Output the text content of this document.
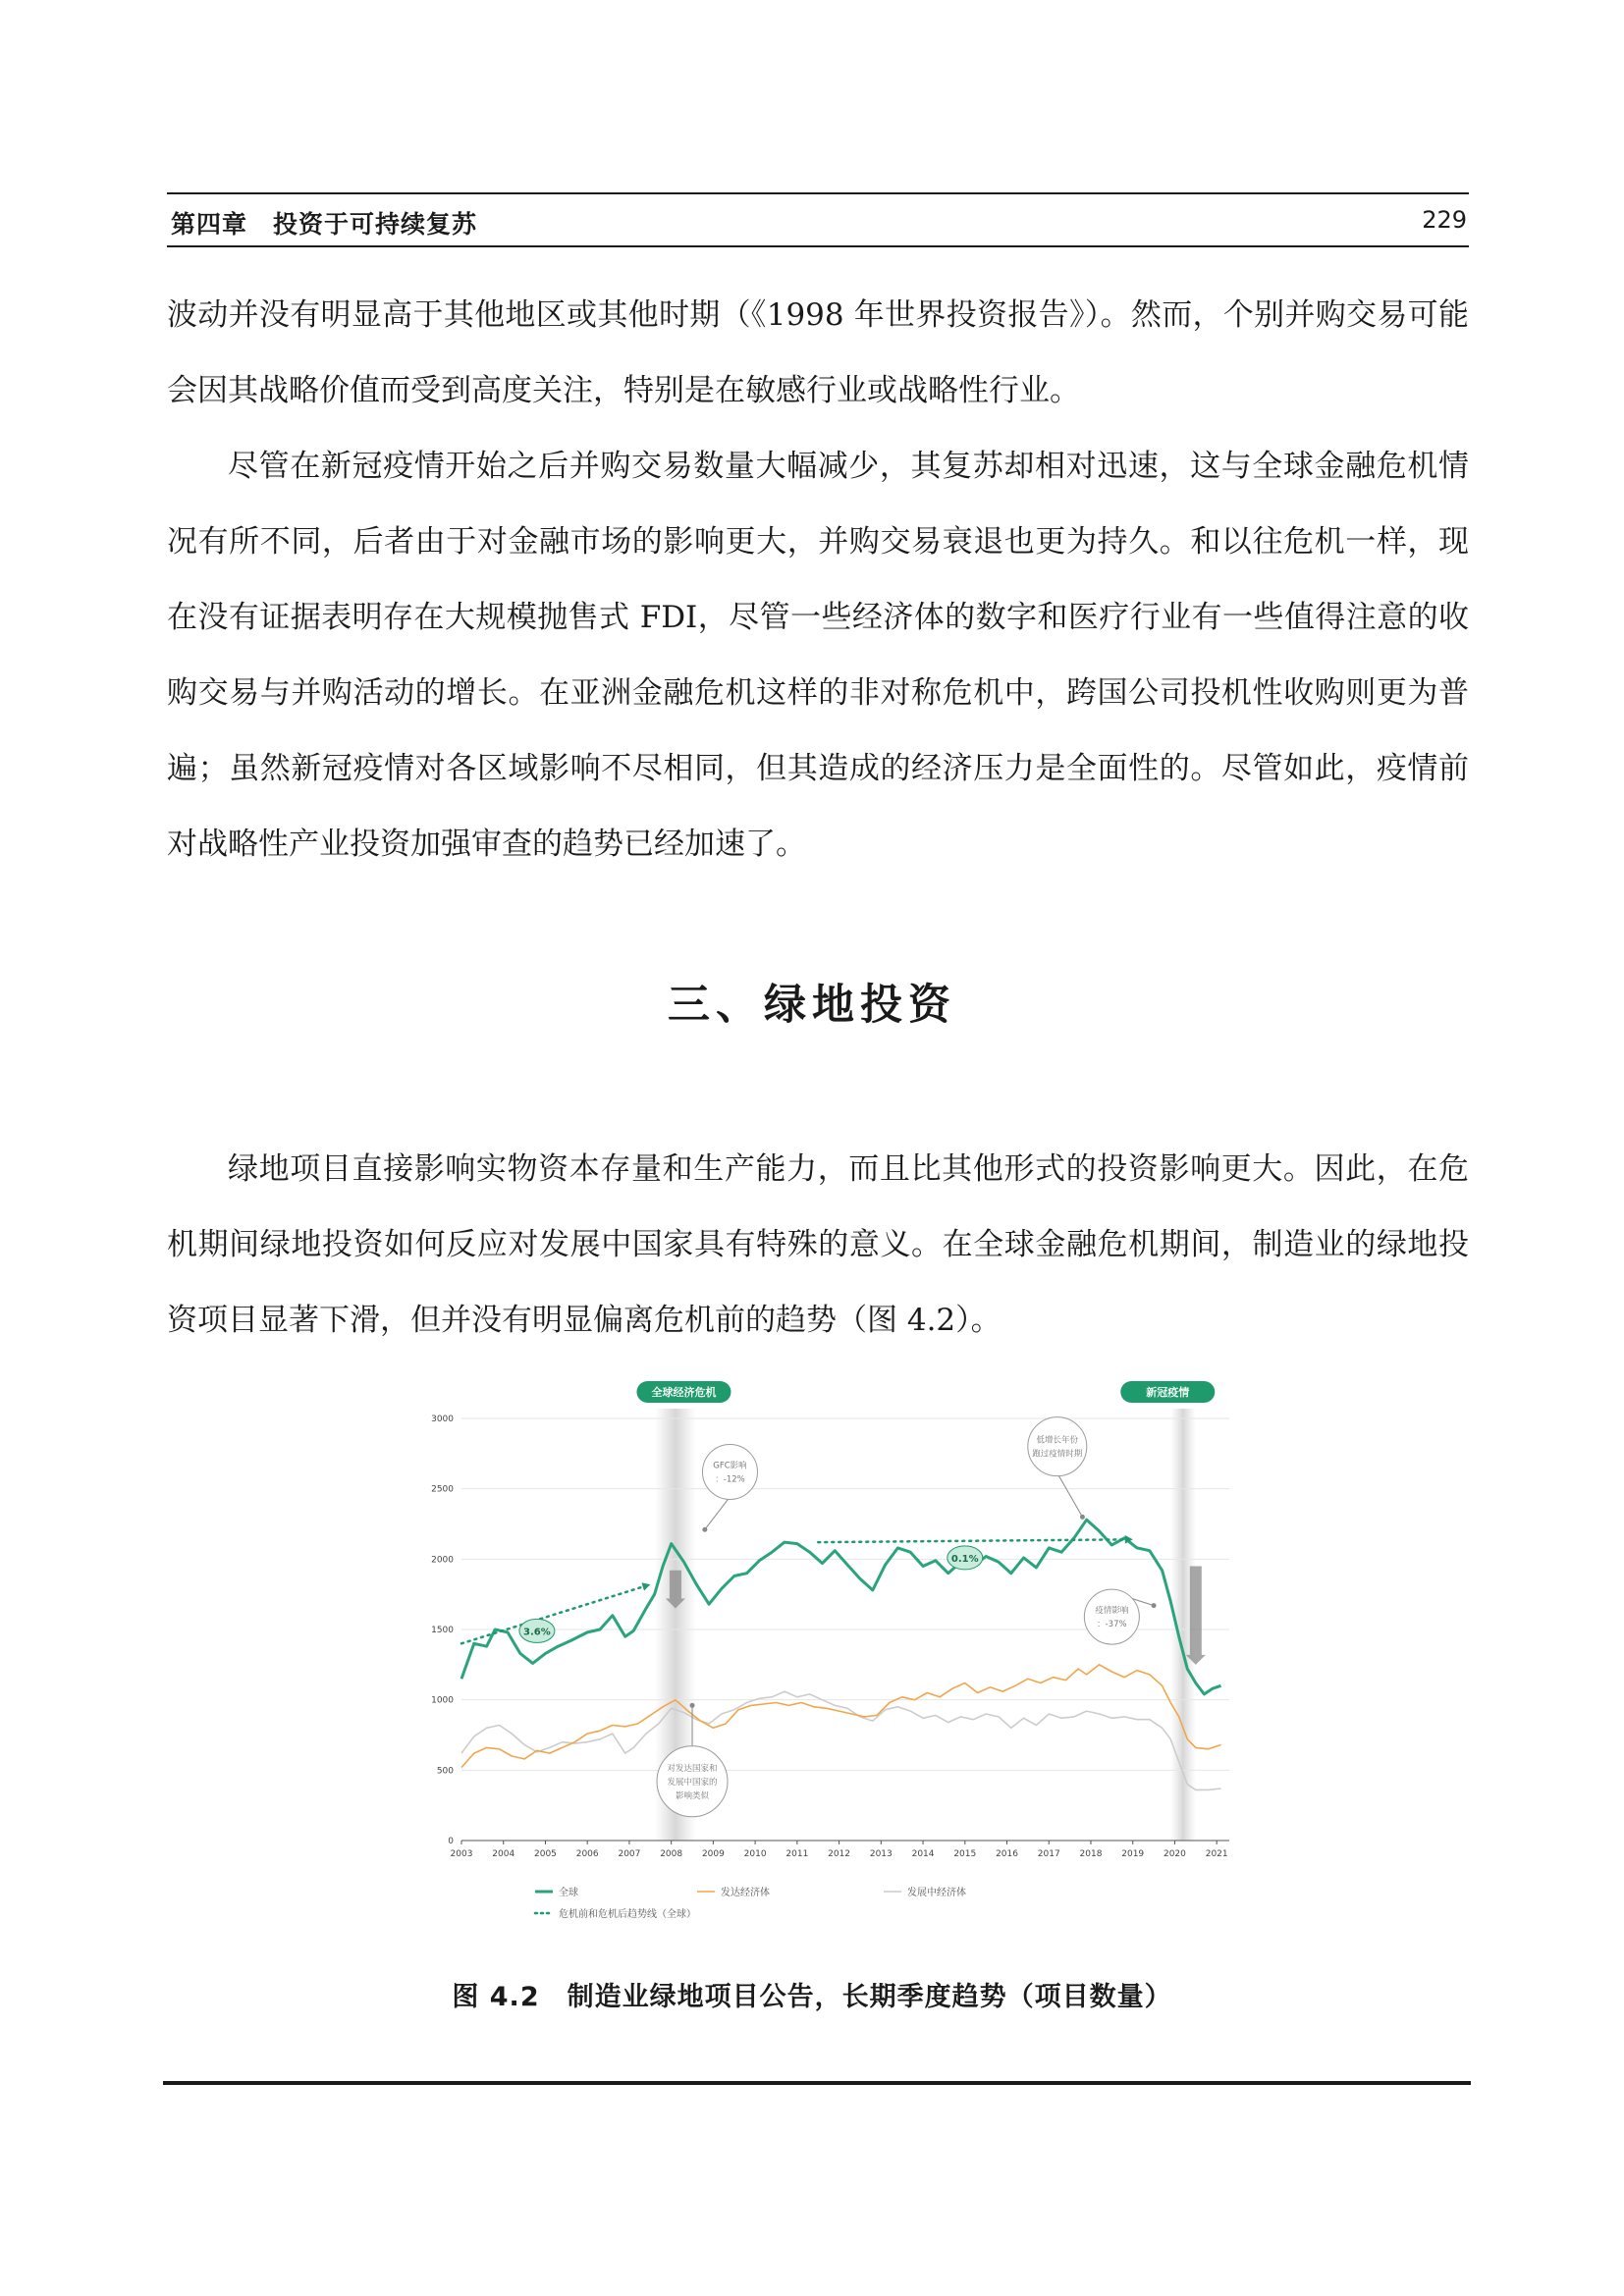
第四章　投资于可持续复苏	229

波动并没有明显高于其他地区或其他时期（《1998 年世界投资报告》）。然而，个别并购交易可能会因其战略价值而受到高度关注，特别是在敏感行业或战略性行业。

尽管在新冠疫情开始之后并购交易数量大幅减少，其复苏却相对迅速，这与全球金融危机情况有所不同，后者由于对金融市场的影响更大，并购交易衰退也更为持久。和以往危机一样，现在没有证据表明存在大规模抛售式 FDI，尽管一些经济体的数字和医疗行业有一些值得注意的收购交易与并购活动的增长。在亚洲金融危机这样的非对称危机中，跨国公司投机性收购则更为普遍；虽然新冠疫情对各区域影响不尽相同，但其造成的经济压力是全面性的。尽管如此，疫情前对战略性产业投资加强审查的趋势已经加速了。

三、绿地投资

绿地项目直接影响实物资本存量和生产能力，而且比其他形式的投资影响更大。因此，在危机期间绿地投资如何反应对发展中国家具有特殊的意义。在全球金融危机期间，制造业的绿地投资项目显著下滑，但并没有明显偏离危机前的趋势（图 4.2）。

0
500
1000
1500
2000
2500
3000
2003 2004 2005 2006 2007 2008 2009 2010 2011 2012 2013 2014 2015 2016 2017 2018 2019 2020 2021
3.6%
0.1%
全球经济危机	新冠疫情
GFC影响
：-12%
低增长年份
跑过疫情时期
疫情影响
：-37%
对发达国家和
发展中国家的
影响类似
全球	发达经济体	发展中经济体
危机前和危机后趋势线（全球）
图 4.2　制造业绿地项目公告，长期季度趋势（项目数量）
